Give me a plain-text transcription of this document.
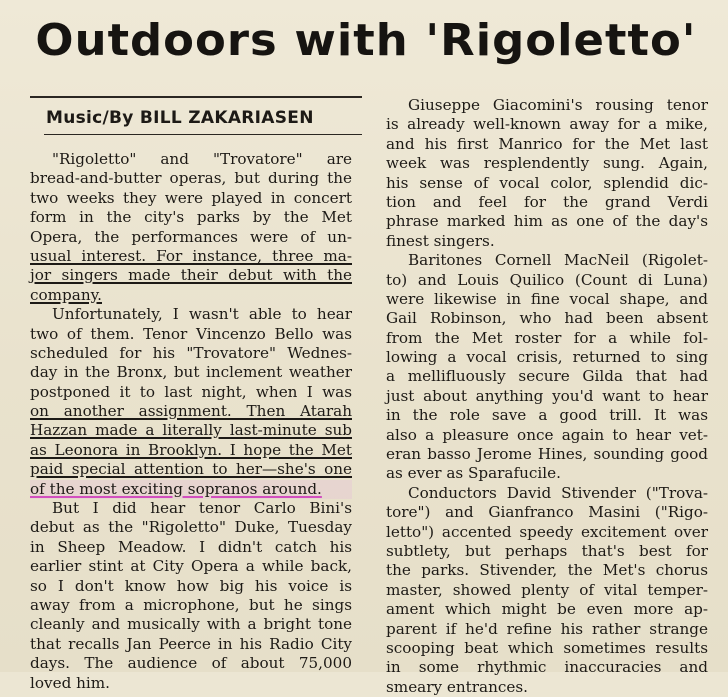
Outdoors with 'Rigoletto'
Music/By BILL ZAKARIASEN
"Rigoletto" and "Trovatore" are
bread-and-butter operas, but during the
two weeks they were played in concert
form in the city's parks by the Met
Opera, the performances were of un-
usual interest. For instance, three ma-
jor singers made their debut with the
company.
Unfortunately, I wasn't able to hear
two of them. Tenor Vincenzo Bello was
scheduled for his "Trovatore" Wednes-
day in the Bronx, but inclement weather
postponed it to last night, when I was
on another assignment. Then Atarah
Hazzan made a literally last-minute sub
as Leonora in Brooklyn. I hope the Met
paid special attention to her—she's one
of the most exciting sopranos around.
But I did hear tenor Carlo Bini's
debut as the "Rigoletto" Duke, Tuesday
in Sheep Meadow. I didn't catch his
earlier stint at City Opera a while back,
so I don't know how big his voice is
away from a microphone, but he sings
cleanly and musically with a bright tone
that recalls Jan Peerce in his Radio City
days. The audience of about 75,000
loved him.
Giuseppe Giacomini's rousing tenor
is already well-known away for a mike,
and his first Manrico for the Met last
week was resplendently sung. Again,
his sense of vocal color, splendid dic-
tion and feel for the grand Verdi
phrase marked him as one of the day's
finest singers.
Baritones Cornell MacNeil (Rigolet-
to) and Louis Quilico (Count di Luna)
were likewise in fine vocal shape, and
Gail Robinson, who had been absent
from the Met roster for a while fol-
lowing a vocal crisis, returned to sing
a mellifluously secure Gilda that had
just about anything you'd want to hear
in the role save a good trill. It was
also a pleasure once again to hear vet-
eran basso Jerome Hines, sounding good
as ever as Sparafucile.
Conductors David Stivender ("Trova-
tore") and Gianfranco Masini ("Rigo-
letto") accented speedy excitement over
subtlety, but perhaps that's best for
the parks. Stivender, the Met's chorus
master, showed plenty of vital temper-
ament which might be even more ap-
parent if he'd refine his rather strange
scooping beat which sometimes results
in some rhythmic inaccuracies and
smeary entrances.
